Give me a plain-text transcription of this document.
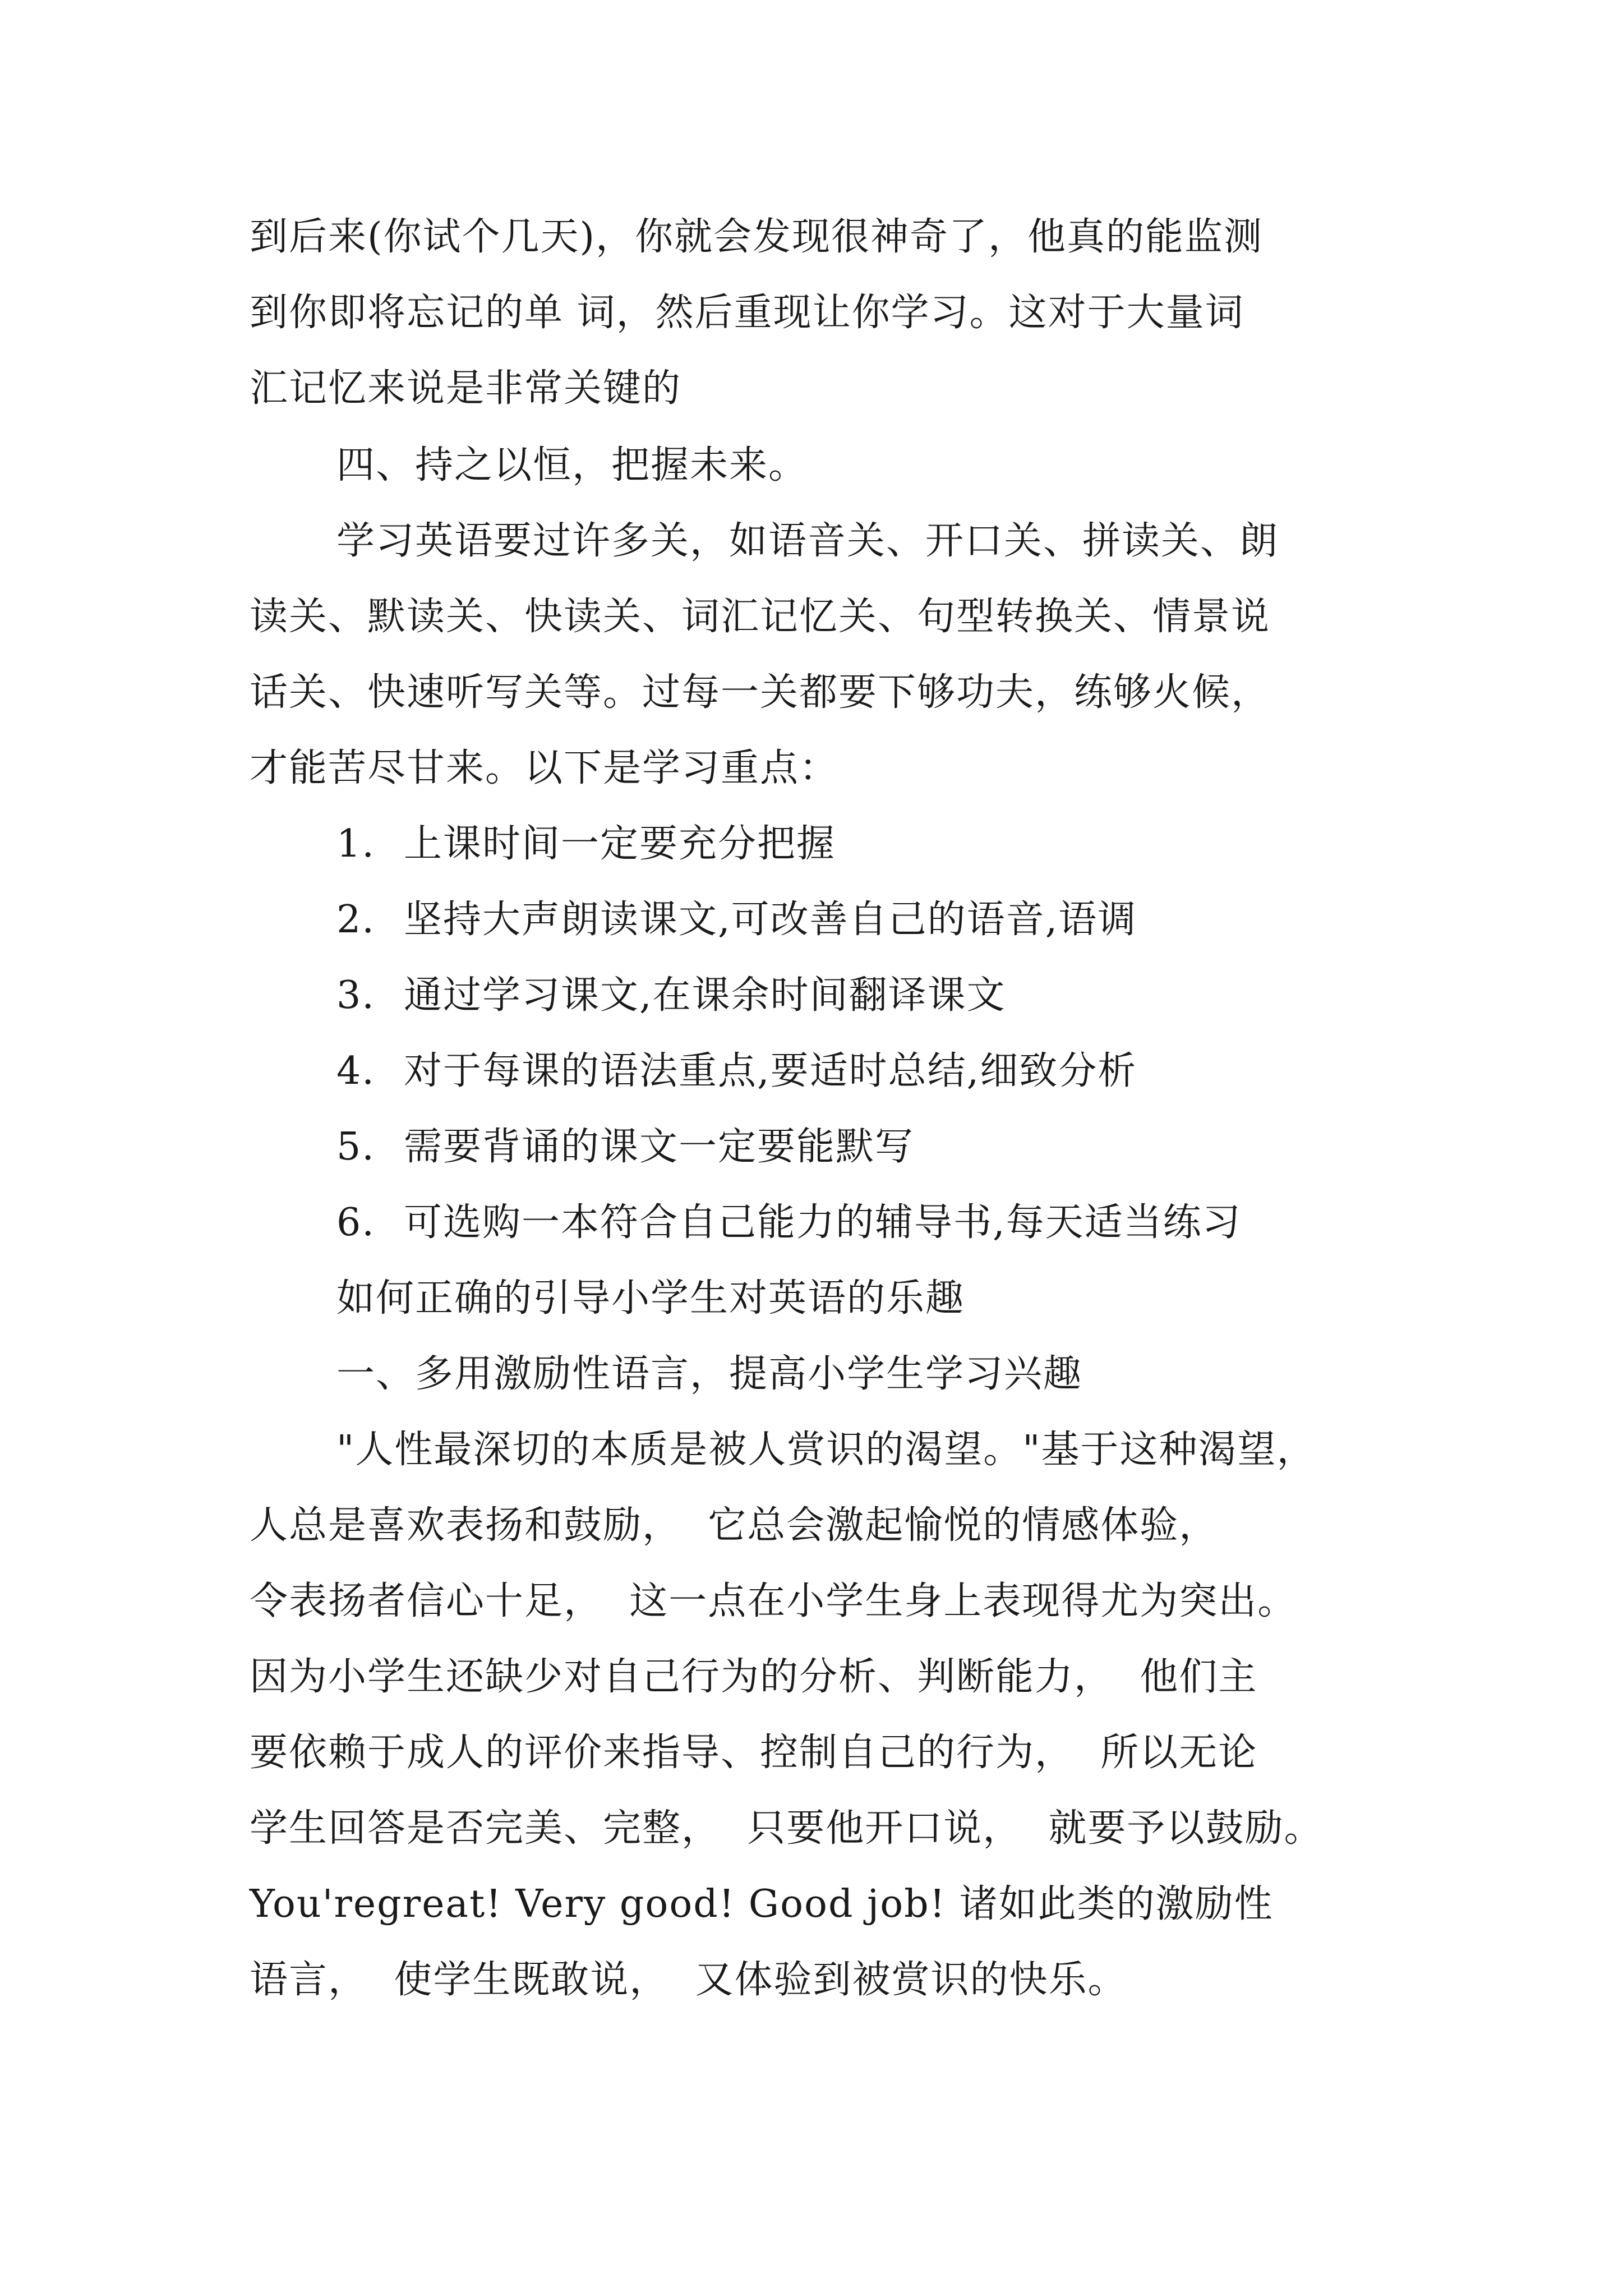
到后来(你试个几天)，你就会发现很神奇了，他真的能监测
到你即将忘记的单 词，然后重现让你学习。这对于大量词
汇记忆来说是非常关键的
四、持之以恒，把握未来。
学习英语要过许多关，如语音关、开口关、拼读关、朗
读关、默读关、快读关、词汇记忆关、句型转换关、情景说
话关、快速听写关等。过每一关都要下够功夫，练够火候，
才能苦尽甘来。以下是学习重点：
1. 上课时间一定要充分把握
2. 坚持大声朗读课文,可改善自己的语音,语调
3. 通过学习课文,在课余时间翻译课文
4. 对于每课的语法重点,要适时总结,细致分析
5. 需要背诵的课文一定要能默写
6. 可选购一本符合自己能力的辅导书,每天适当练习
如何正确的引导小学生对英语的乐趣
一、多用激励性语言，提高小学生学习兴趣
"人性最深切的本质是被人赏识的渴望。"基于这种渴望，
人总是喜欢表扬和鼓励，  它总会激起愉悦的情感体验，
令表扬者信心十足，  这一点在小学生身上表现得尤为突出。
因为小学生还缺少对自己行为的分析、判断能力，  他们主
要依赖于成人的评价来指导、控制自己的行为，  所以无论
学生回答是否完美、完整，  只要他开口说，  就要予以鼓励。
You'regreat! Very good! Good job! 诸如此类的激励性
语言，  使学生既敢说，  又体验到被赏识的快乐。
